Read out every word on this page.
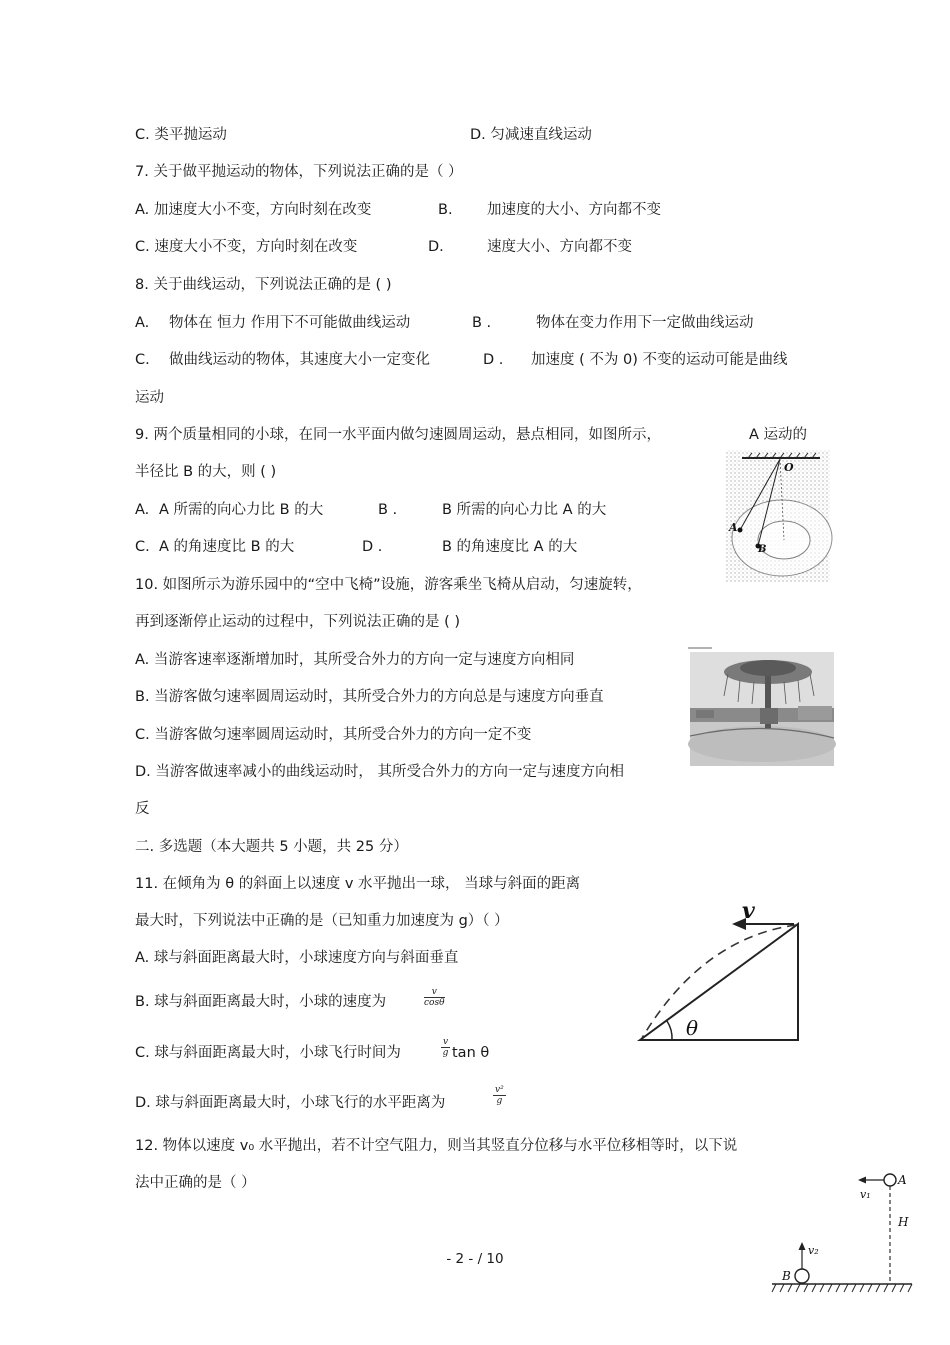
C. 类平抛运动	D. 匀减速直线运动
7. 关于做平抛运动的物体，下列说法正确的是（ ）
A. 加速度大小不变，方向时刻在改变	B. 加速度的大小、方向都不变
C. 速度大小不变，方向时刻在改变	D.	速度大小、方向都不变
8. 关于曲线运动，下列说法正确的是 ( )
A. 物体在 恒力 作用下不可能做曲线运动	B .	物体在变力作用下一定做曲线运动
C. 做曲线运动的物体，其速度大小一定变化	D . 加速度 ( 不为 0) 不变的运动可能是曲线
运动
9. 两个质量相同的小球，在同一水平面内做匀速圆周运动，悬点相同，如图所示，	A 运动的
半径比 B 的大，则 ( )
A. A 所需的向心力比 B 的大	B .	B 所需的向心力比 A 的大
C. A 的角速度比 B 的大	D .	B 的角速度比 A 的大
O
A
B
10. 如图所示为游乐园中的“空中飞椅”设施，游客乘坐飞椅从启动，匀速旋转，
再到逐渐停止运动的过程中，下列说法正确的是 ( )
A. 当游客速率逐渐增加时，其所受合外力的方向一定与速度方向相同
B. 当游客做匀速率圆周运动时，其所受合外力的方向总是与速度方向垂直
C. 当游客做匀速率圆周运动时，其所受合外力的方向一定不变
D. 当游客做速率减小的曲线运动时， 其所受合外力的方向一定与速度方向相
反
二. 多选题（本大题共 5 小题，共 25 分）
11. 在倾角为 θ 的斜面上以速度 v 水平抛出一球， 当球与斜面的距离
最大时，下列说法中正确的是（已知重力加速度为 g）（ ）
A. 球与斜面距离最大时，小球速度方向与斜面垂直
B. 球与斜面距离最大时，小球的速度为	$\frac{v}{\cos\theta}$
C. 球与斜面距离最大时，小球飞行时间为	$\frac{v}{g}$ tan θ
D. 球与斜面距离最大时，小球飞行的水平距离为	$\frac{\text{v²}}{g}$
v
θ
12. 物体以速度 v₀ 水平抛出，若不计空气阻力，则当其竖直分位移与水平位移相等时，以下说
法中正确的是（ ）	A
B
v₁
v₂
H
- 2 - / 10
